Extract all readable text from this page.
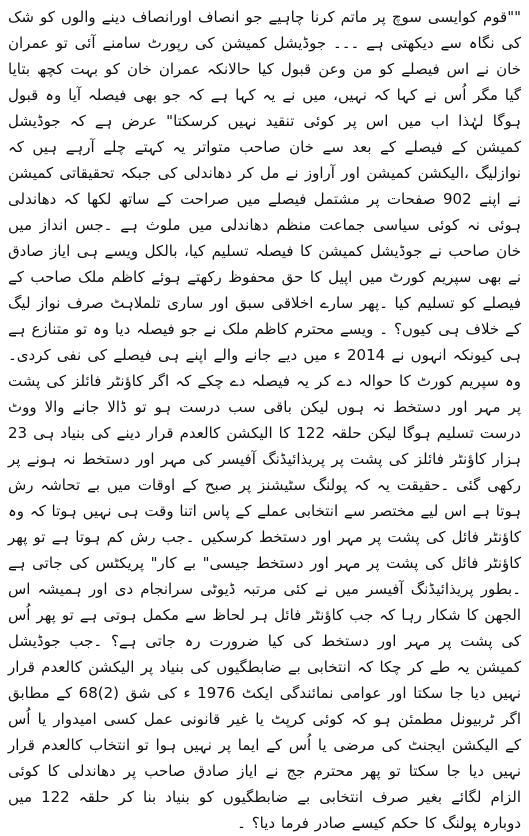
""قوم کوایسی سوچ پر ماتم کرنا چاہیے جو انصاف اورانصاف دینے والوں کو شک کی نگاہ سے دیکھتی ہے ۔۔۔ جوڈیشل کمیشن کی رپورٹ سامنے آئی تو عمران خان نے اس فیصلے کو من وعن قبول کیا حالانکہ عمران خان کو بہت کچھ بتایا گیا مگر اُس نے کہا کہ نہیں، میں نے یہ کہا ہے کہ جو بھی فیصلہ آیا وہ قبول ہوگا لہٰذا اب میں اس پر کوئی تنقید نہیں کرسکتا" عرض ہے کہ جوڈیشل کمیشن کے فیصلے کے بعد سے خان صاحب متواتر یہ کہتے چلے آرہے ہیں کہ نوازلیگ ،الیکشن کمیشن اور آراوز نے مل کر دھاندلی کی جبکہ تحقیقاتی کمیشن نے اپنے 902 صفحات پر مشتمل فیصلے میں صراحت کے ساتھ لکھا کہ دھاندلی ہوئی نہ کوئی سیاسی جماعت منظم دھاندلی میں ملوث ہے ۔جس انداز میں خان صاحب نے جوڈیشل کمیشن کا فیصلہ تسلیم کیا، بالکل ویسے ہی ایاز صادق نے بھی سپریم کورٹ میں اپیل کا حق محفوظ رکھتے ہوئے کاظم ملک صاحب کے فیصلے کو تسلیم کیا ۔پھر سارے اخلاقی سبق اور ساری تلملاہٹ صرف نواز لیگ کے خلاف ہی کیوں؟ ۔ ویسے محترم کاظم ملک نے جو فیصلہ دیا وہ تو متنازع ہے ہی کیونکہ انہوں نے 2014 ء میں دیے جانے والے اپنے ہی فیصلے کی نفی کردی۔ وہ سپریم کورٹ کا حوالہ دے کر یہ فیصلہ دے چکے کہ اگر کاؤنٹر فائلز کی پشت پر مہر اور دستخط نہ ہوں لیکن باقی سب درست ہو تو ڈالا جانے والا ووٹ درست تسلیم ہوگا لیکن حلقہ 122 کا الیکشن کالعدم قرار دینے کی بنیاد ہی 23 ہزار کاؤنٹر فائلز کی پشت پر پریذائیڈنگ آفیسر کی مہر اور دستخط نہ ہونے پر رکھی گئی ۔حقیقت یہ کہ پولنگ سٹیشنز پر صبح کے اوقات میں بے تحاشہ رش ہوتا ہے اس لیے مختصر سے انتخابی عملے کے پاس اتنا وقت ہی نہیں ہوتا کہ وہ کاؤنٹر فائل کی پشت پر مہر اور دستخط کرسکیں ۔جب رش کم ہوتا ہے تو پھر کاؤنٹر فائل کی پشت پر مہر اور دستخط جیسی" بے کار" پریکٹس کی جاتی ہے ۔بطور پریذائیڈنگ آفیسر میں نے کئی مرتبہ ڈیوٹی سرانجام دی اور ہمیشہ اس الجھن کا شکار رہا کہ جب کاؤنٹر فائل ہر لحاظ سے مکمل ہوتی ہے تو پھر اُس کی پشت پر مہر اور دستخط کی کیا ضرورت رہ جاتی ہے؟ ۔جب جوڈیشل کمیشن یہ طے کر چکا کہ انتخابی بے ضابطگیوں کی بنیاد پر الیکشن کالعدم قرار نہیں دیا جا سکتا اور عوامی نمائندگی ایکٹ 1976 ء کی شق (2)68 کے مطابق اگر ٹربیونل مطمئن ہو کہ کوئی کرپٹ یا غیر قانونی عمل کسی امیدوار یا اُس کے الیکشن ایجنٹ کی مرضی یا اُس کے ایما پر نہیں ہوا تو انتخاب کالعدم قرار نہیں دیا جا سکتا تو پھر محترم جج نے ایاز صادق صاحب پر دھاندلی کا کوئی الزام لگائے بغیر صرف انتخابی بے ضابطگیوں کو بنیاد بنا کر حلقہ 122 میں دوبارہ پولنگ کا حکم کیسے صادر فرما دیا؟ ۔
